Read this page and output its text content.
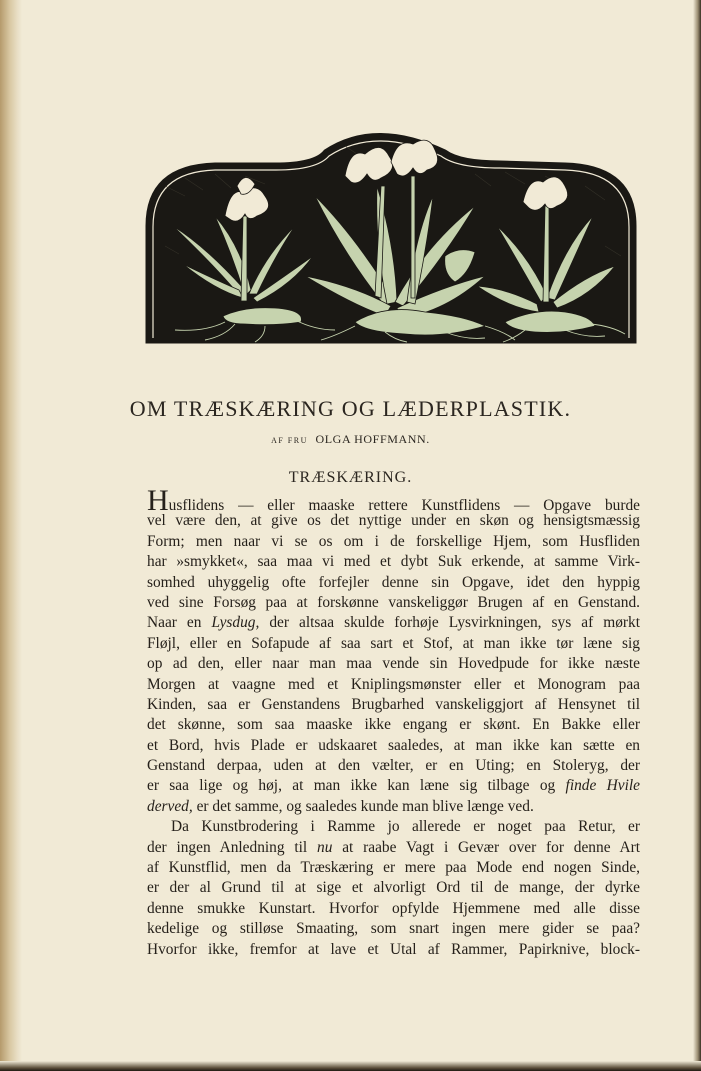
OM TRÆSKÆRING OG LÆDERPLASTIK.
AF FRU OLGA HOFFMANN.
TRÆSKÆRING.
Husflidens — eller maaske rettere Kunstflidens — Opgave burde
vel være den, at give os det nyttige under en skøn og hensigtsmæssig
Form; men naar vi se os om i de forskellige Hjem, som Husfliden
har »smykket«, saa maa vi med et dybt Suk erkende, at samme Virk-
somhed uhyggelig ofte forfejler denne sin Opgave, idet den hyppig
ved sine Forsøg paa at forskønne vanskeliggør Brugen af en Genstand.
Naar en Lysdug, der altsaa skulde forhøje Lysvirkningen, sys af mørkt
Fløjl, eller en Sofapude af saa sart et Stof, at man ikke tør læne sig
op ad den, eller naar man maa vende sin Hovedpude for ikke næste
Morgen at vaagne med et Kniplingsmønster eller et Monogram paa
Kinden, saa er Genstandens Brugbarhed vanskeliggjort af Hensynet til
det skønne, som saa maaske ikke engang er skønt. En Bakke eller
et Bord, hvis Plade er udskaaret saaledes, at man ikke kan sætte en
Genstand derpaa, uden at den vælter, er en Uting; en Stoleryg, der
er saa lige og høj, at man ikke kan læne sig tilbage og finde Hvile
derved, er det samme, og saaledes kunde man blive længe ved.
Da Kunstbrodering i Ramme jo allerede er noget paa Retur, er
der ingen Anledning til nu at raabe Vagt i Gevær over for denne Art
af Kunstflid, men da Træskæring er mere paa Mode end nogen Sinde,
er der al Grund til at sige et alvorligt Ord til de mange, der dyrke
denne smukke Kunstart. Hvorfor opfylde Hjemmene med alle disse
kedelige og stilløse Smaating, som snart ingen mere gider se paa?
Hvorfor ikke, fremfor at lave et Utal af Rammer, Papirknive, block-
